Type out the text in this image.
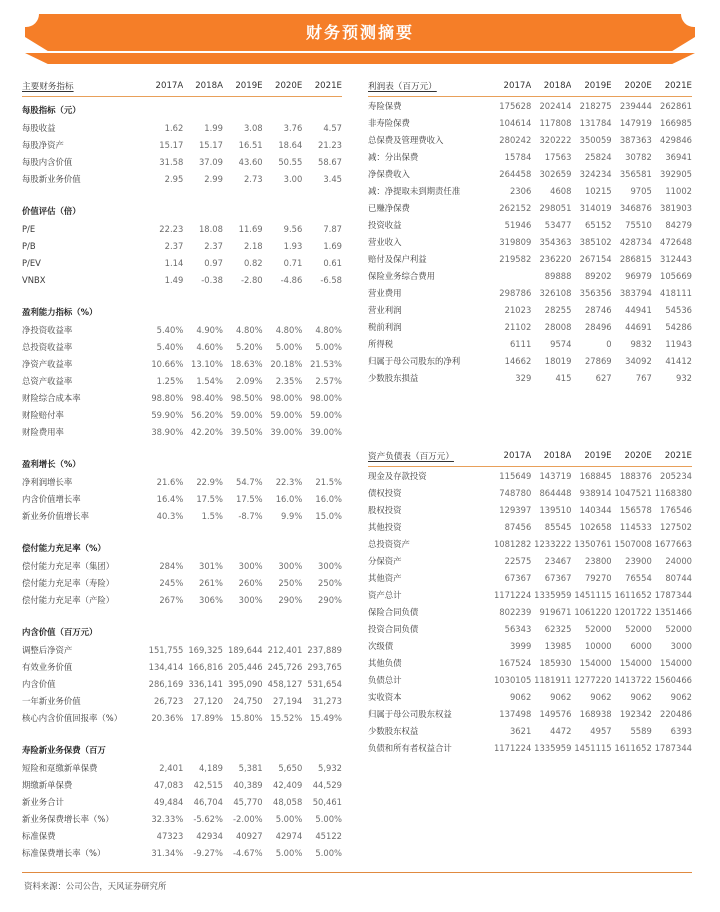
财务预测摘要
主要财务指标	2017A	2018A	2019E	2020E	2021E
每股指标（元）					
每股收益	1.62	1.99	3.08	3.76	4.57
每股净资产	15.17	15.17	16.51	18.64	21.23
每股内含价值	31.58	37.09	43.60	50.55	58.67
每股新业务价值	2.95	2.99	2.73	3.00	3.45

价值评估（倍）					
P/E	22.23	18.08	11.69	9.56	7.87
P/B	2.37	2.37	2.18	1.93	1.69
P/EV	1.14	0.97	0.82	0.71	0.61
VNBX	1.49	-0.38	-2.80	-4.86	-6.58

盈利能力指标（%）					
净投资收益率	5.40%	4.90%	4.80%	4.80%	4.80%
总投资收益率	5.40%	4.60%	5.20%	5.00%	5.00%
净资产收益率	10.66%	13.10%	18.63%	20.18%	21.53%
总资产收益率	1.25%	1.54%	2.09%	2.35%	2.57%
财险综合成本率	98.80%	98.40%	98.50%	98.00%	98.00%
财险赔付率	59.90%	56.20%	59.00%	59.00%	59.00%
财险费用率	38.90%	42.20%	39.50%	39.00%	39.00%

盈利增长（%）					
净利润增长率	21.6%	22.9%	54.7%	22.3%	21.5%
内含价值增长率	16.4%	17.5%	17.5%	16.0%	16.0%
新业务价值增长率	40.3%	1.5%	-8.7%	9.9%	15.0%

偿付能力充足率（%）					
偿付能力充足率（集团）	284%	301%	300%	300%	300%
偿付能力充足率（寿险）	245%	261%	260%	250%	250%
偿付能力充足率（产险）	267%	306%	300%	290%	290%

内含价值（百万元）					
调整后净资产	151,755	169,325	189,644	212,401	237,889
有效业务价值	134,414	166,816	205,446	245,726	293,765
内含价值	286,169	336,141	395,090	458,127	531,654
一年新业务价值	26,723	27,120	24,750	27,194	31,273
核心内含价值回报率（%）	20.36%	17.89%	15.80%	15.52%	15.49%

寿险新业务保费（百万					
短险和趸缴新单保费	2,401	4,189	5,381	5,650	5,932
期缴新单保费	47,083	42,515	40,389	42,409	44,529
新业务合计	49,484	46,704	45,770	48,058	50,461
新业务保费增长率（%）	32.33%	-5.62%	-2.00%	5.00%	5.00%
标准保费	47323	42934	40927	42974	45122
标准保费增长率（%）	31.34%	-9.27%	-4.67%	5.00%	5.00%
利润表（百万元）	2017A	2018A	2019E	2020E	2021E
寿险保费	175628	202414	218275	239444	262861
非寿险保费	104614	117808	131784	147919	166985
总保费及管理费收入	280242	320222	350059	387363	429846
减：分出保费	15784	17563	25824	30782	36941
净保费收入	264458	302659	324234	356581	392905
减：净提取未到期责任准	2306	4608	10215	9705	11002
已赚净保费	262152	298051	314019	346876	381903
投资收益	51946	53477	65152	75510	84279
营业收入	319809	354363	385102	428734	472648
赔付及保户利益	219582	236220	267154	286815	312443
保险业务综合费用		89888	89202	96979	105669
营业费用	298786	326108	356356	383794	418111
营业利润	21023	28255	28746	44941	54536
税前利润	21102	28008	28496	44691	54286
所得税	6111	9574	0	9832	11943
归属于母公司股东的净利	14662	18019	27869	34092	41412
少数股东损益	329	415	627	767	932
资产负债表（百万元）	2017A	2018A	2019E	2020E	2021E
现金及存款投资	115649	143719	168845	188376	205234
债权投资	748780	864448	938914	1047521	1168380
股权投资	129397	139510	140344	156578	176546
其他投资	87456	85545	102658	114533	127502
总投资资产	1081282	1233222	1350761	1507008	1677663
分保资产	22575	23467	23800	23900	24000
其他资产	67367	67367	79270	76554	80744
资产总计	1171224	1335959	1451115	1611652	1787344
保险合同负债	802239	919671	1061220	1201722	1351466
投资合同负债	56343	62325	52000	52000	52000
次级债	3999	13985	10000	6000	3000
其他负债	167524	185930	154000	154000	154000
负债总计	1030105	1181911	1277220	1413722	1560466
实收资本	9062	9062	9062	9062	9062
归属于母公司股东权益	137498	149576	168938	192342	220486
少数股东权益	3621	4472	4957	5589	6393
负债和所有者权益合计	1171224	1335959	1451115	1611652	1787344
资料来源：公司公告，天风证券研究所
